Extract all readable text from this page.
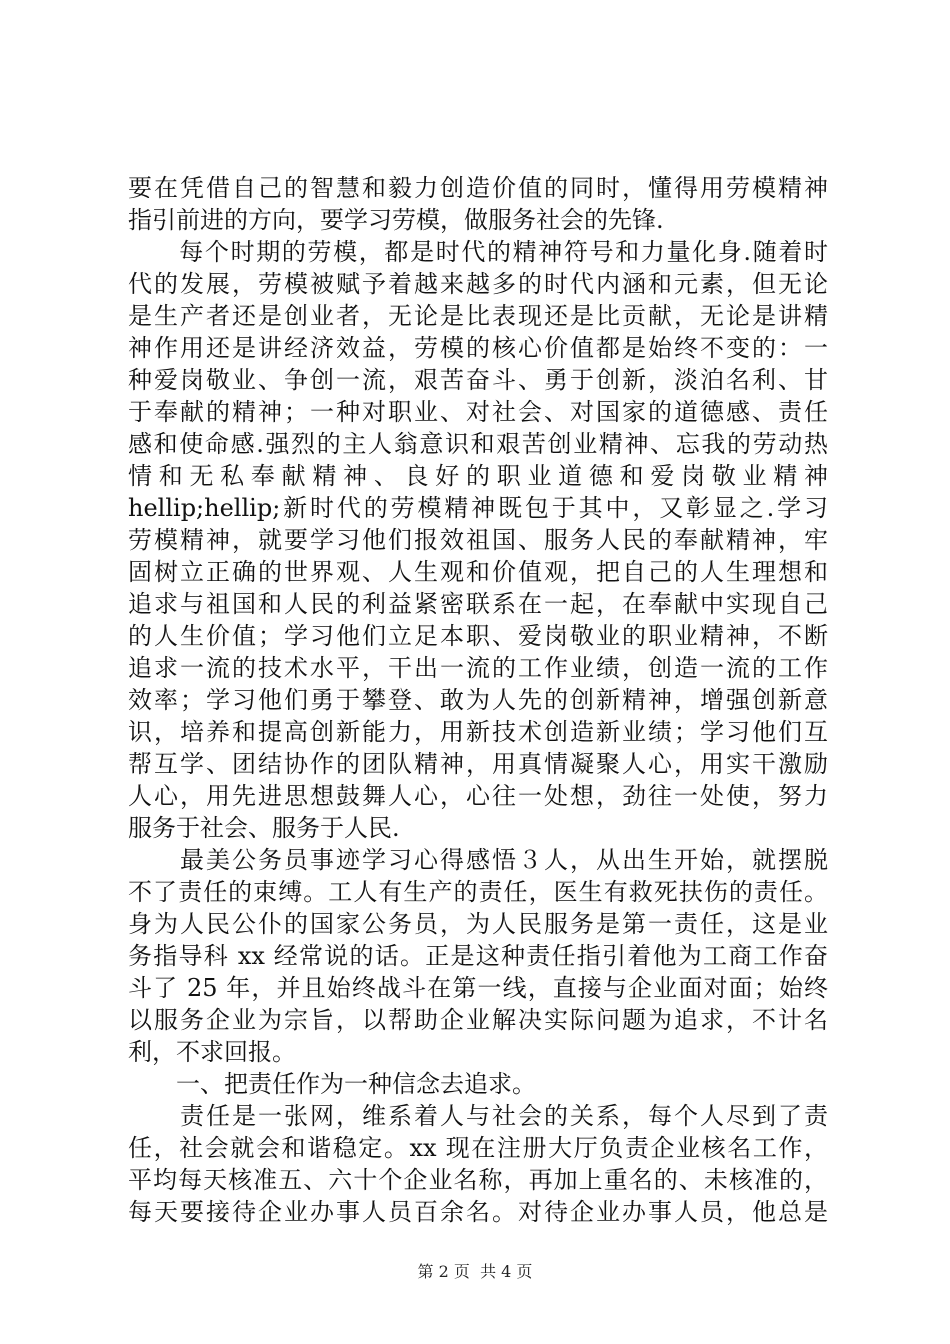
要在凭借自己的智慧和毅力创造价值的同时，懂得用劳模精神
指引前进的方向，要学习劳模，做服务社会的先锋.
　　每个时期的劳模，都是时代的精神符号和力量化身.随着时
代的发展，劳模被赋予着越来越多的时代内涵和元素，但无论
是生产者还是创业者，无论是比表现还是比贡献，无论是讲精
神作用还是讲经济效益，劳模的核心价值都是始终不变的：一
种爱岗敬业、争创一流，艰苦奋斗、勇于创新，淡泊名利、甘
于奉献的精神；一种对职业、对社会、对国家的道德感、责任
感和使命感.强烈的主人翁意识和艰苦创业精神、忘我的劳动热
情和无私奉献精神、良好的职业道德和爱岗敬业精神
hellip;hellip;新时代的劳模精神既包于其中，又彰显之.学习
劳模精神，就要学习他们报效祖国、服务人民的奉献精神，牢
固树立正确的世界观、人生观和价值观，把自己的人生理想和
追求与祖国和人民的利益紧密联系在一起，在奉献中实现自己
的人生价值；学习他们立足本职、爱岗敬业的职业精神，不断
追求一流的技术水平，干出一流的工作业绩，创造一流的工作
效率；学习他们勇于攀登、敢为人先的创新精神，增强创新意
识，培养和提高创新能力，用新技术创造新业绩；学习他们互
帮互学、团结协作的团队精神，用真情凝聚人心，用实干激励
人心，用先进思想鼓舞人心，心往一处想，劲往一处使，努力
服务于社会、服务于人民.
　　最美公务员事迹学习心得感悟３人，从出生开始，就摆脱
不了责任的束缚。工人有生产的责任，医生有救死扶伤的责任。
身为人民公仆的国家公务员，为人民服务是第一责任，这是业
务指导科 xx 经常说的话。正是这种责任指引着他为工商工作奋
斗了 25 年，并且始终战斗在第一线，直接与企业面对面；始终
以服务企业为宗旨，以帮助企业解决实际问题为追求，不计名
利，不求回报。
　　一、把责任作为一种信念去追求。
　　责任是一张网，维系着人与社会的关系，每个人尽到了责
任，社会就会和谐稳定。xx 现在注册大厅负责企业核名工作，
平均每天核准五、六十个企业名称，再加上重名的、未核准的，
每天要接待企业办事人员百余名。对待企业办事人员，他总是
第 2 页  共 4 页
